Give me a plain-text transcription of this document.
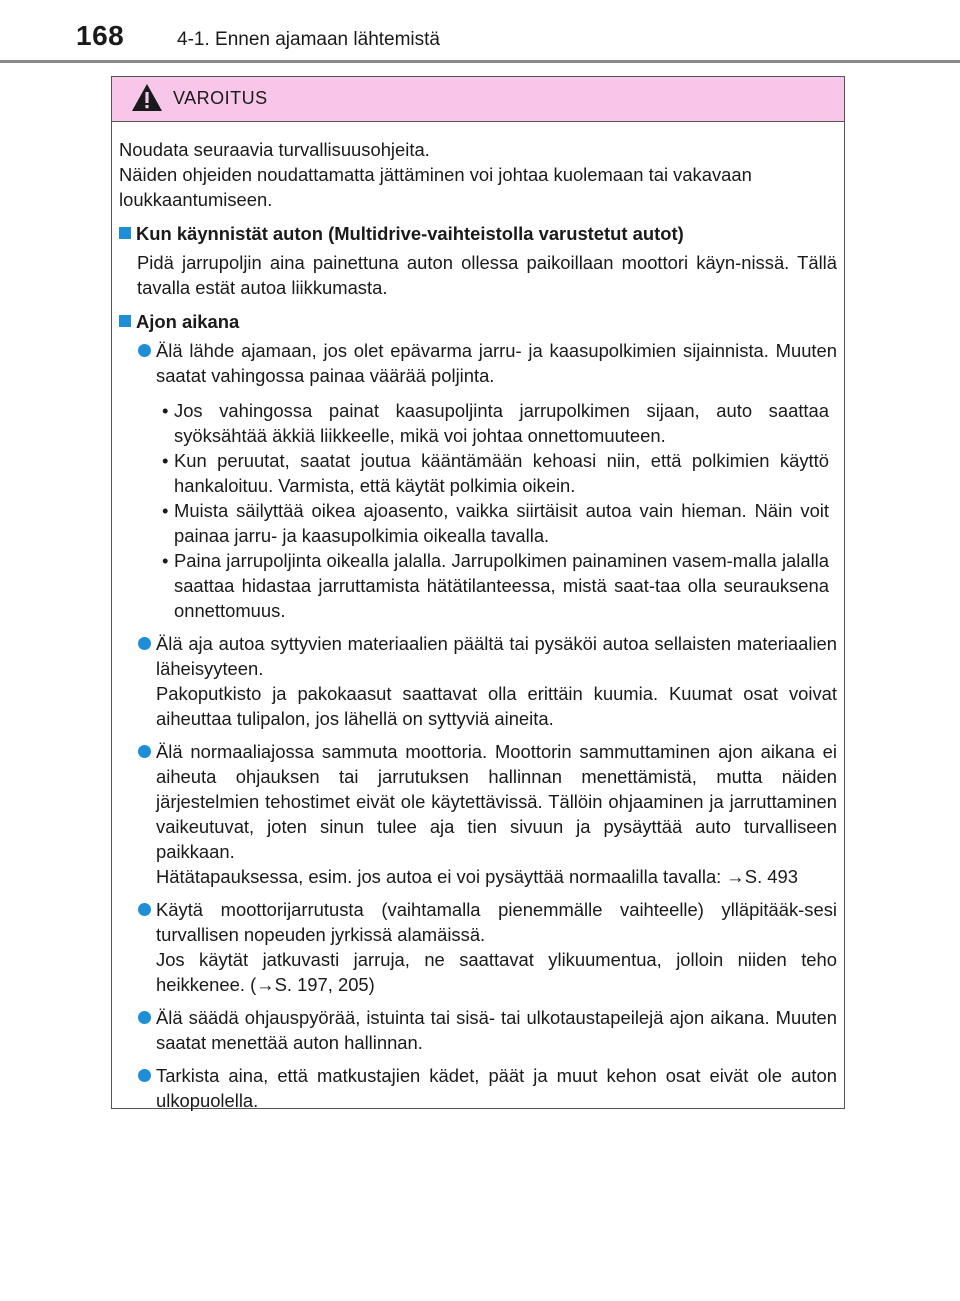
168	4-1. Ennen ajamaan lähtemistä
VAROITUS
Noudata seuraavia turvallisuusohjeita.
Näiden ohjeiden noudattamatta jättäminen voi johtaa kuolemaan tai vakavaan loukkaantumiseen.
Kun käynnistät auton (Multidrive-vaihteistolla varustetut autot)
Pidä jarrupoljin aina painettuna auton ollessa paikoillaan moottori käyn-nissä. Tällä tavalla estät autoa liikkumasta.
Ajon aikana

Älä lähde ajamaan, jos olet epävarma jarru- ja kaasupolkimien sijainnista. Muuten saatat vahingossa painaa väärää poljinta.

• Jos vahingossa painat kaasupoljinta jarrupolkimen sijaan, auto saattaa syöksähtää äkkiä liikkeelle, mikä voi johtaa onnettomuuteen.
• Kun peruutat, saatat joutua kääntämään kehoasi niin, että polkimien käyttö hankaloituu. Varmista, että käytät polkimia oikein.
• Muista säilyttää oikea ajoasento, vaikka siirtäisit autoa vain hieman. Näin voit painaa jarru- ja kaasupolkimia oikealla tavalla.
• Paina jarrupoljinta oikealla jalalla. Jarrupolkimen painaminen vasem-malla jalalla saattaa hidastaa jarruttamista hätätilanteessa, mistä saat-taa olla seurauksena onnettomuus.

Älä aja autoa syttyvien materiaalien päältä tai pysäköi autoa sellaisten materiaalien läheisyyteen.

Pakoputkisto ja pakokaasut saattavat olla erittäin kuumia. Kuumat osat voivat aiheuttaa tulipalon, jos lähellä on syttyviä aineita.

Älä normaaliajossa sammuta moottoria. Moottorin sammuttaminen ajon aikana ei aiheuta ohjauksen tai jarrutuksen hallinnan menettämistä, mutta näiden järjestelmien tehostimet eivät ole käytettävissä. Tällöin ohjaaminen ja jarruttaminen vaikeutuvat, joten sinun tulee aja tien sivuun ja pysäyttää auto turvalliseen paikkaan.

Hätätapauksessa, esim. jos autoa ei voi pysäyttää normaalilla tavalla: →S. 493

Käytä moottorijarrutusta (vaihtamalla pienemmälle vaihteelle) ylläpitääk-sesi turvallisen nopeuden jyrkissä alamäissä.

Jos käytät jatkuvasti jarruja, ne saattavat ylikuumentua, jolloin niiden teho heikkenee. (→S. 197, 205)

Älä säädä ohjauspyörää, istuinta tai sisä- tai ulkotaustapeilejä ajon aikana. Muuten saatat menettää auton hallinnan.

Tarkista aina, että matkustajien kädet, päät ja muut kehon osat eivät ole auton ulkopuolella.
